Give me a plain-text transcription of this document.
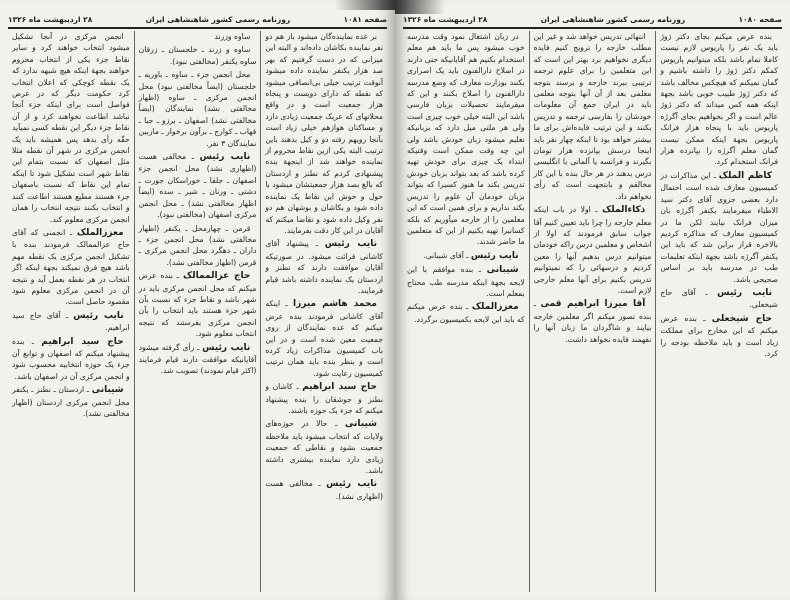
صفحه ۱۰۸۱
روزنامه رسمی کشور شاهنشاهی ایران
۲۸ اردیبهشت ماه ۱۳۲۶

بر عده نماینده‌گان میشود باز هم دو نفر نماینده بکاشان داده‌اند و البته این میزانی که در دست گرفتیم که بهر صد هزار یکنفر نماینده داده میشود آنوقت ترتیب خیلی بی‌انصافی میشود که نقطه که دارای دویست و پنجاه هزار جمعیت است و در واقع محلاتهای که عربک جمعیت زیادی دارد و مساکنان هوازهم خیلی زیاد است بآنجا رویهم رفته دو و کیل بدهند باین ترتیب البته یکی ازین نقاط محروم از نماینده خواهند شد از اینجهة بنده پیشنهادی کردم که نطنز و اردستان که بالغ بصد هزار جمعیتشان میشود با حول و حوش این نقاط یک نماینده داده شود و بکاشان و بوشهان هم دو نفر وکیل داده شود و تقاضا میکنم که آقایان در این کار دقت بفرمایند.

نایب رئیس ـ پیشنهاد آقای کاشانی قرائت میشود. در صورتیکه آقایان موافقت دارند که نطنز و اردستان یک نماینده داشته باشد قیام فرمایند.

محمد هاشم میرزا ـ اینکه آقای کاشانی فرمودند بنده عرض میکنم که عده نمایندگان از روی جمعیت معین شده است و در این باب کمیسیون مذاکرات زیاد کرده است و بنظر بنده باید همان ترتیب کمیسیون رعایت شود.

حاج سید ابراهیم ـ کاشان و نطنز و جوشقان را بنده پیشنهاد میکنم که جزء یک حوزه باشند.

شیبانی ـ حالا در حوزه‌های ولایات که انتخاب میشود باید ملاحظه جمعیت بشود و نقاطی که جمعیت زیادی دارد نماینده بیشتری داشته باشد.

نایب رئیس ـ مخالفی هست (اظهاری نشد).

ساوه وزرند

ساوه و زرند ـ خلجستان ـ زرقان ساوه یکنفر (مخالفتی نبود).

محل انجمن جزء ـ ساوه ـ باوریه ـ خلجستان (ایضاً مخالفتی نبود) محل انجمن مرکزی ـ ساوه (اظهار مخالفتی نشد) نمایندگان (ایضاً مخالفتی نشد) اصفهان ـ برزو ـ جبا ـ قهاب ـ کوارج ـ برآون برخوار ـ ماربین نمایندگان ۳ نفر.

نایب رئیس ـ مخالفی هست (اظهاری نشد) محل انجمن جزء اصفهان ـ جلفا ـ خوراسکان جورت ـ دشتی ـ ورنان ـ شیر ـ سده (ایضاً اظهار مخالفتی نشد) ـ محل انجمن مرکزی اصفهان (مخالفتی نبود).

قرمن ـ چهارمحل ـ یکنفر (اظهار مخالفتی نشد) محل انجمن جزء ـ داران ـ دهگرد محل انجمن مرکزی ـ قرمن (اظهار مخالفتی نشد).

حاج عزالممالک ـ بنده عرض میکنم که محل انجمن مرکزی باید در شهر باشد و نقاط جزء که نسبت بآن شهر جزء هستند باید انتخاب را بآن انجمن مرکزی بفرستند که نتیجه انتخاب معلوم شود.

نایب رئیس ـ رأی گرفته میشود آقایانیکه موافقت دارند قیام فرمایند (اکثر قیام نمودند) تصویب شد.

انجمن مرکزی در آنجا تشکیل میشود انتخاب خواهند کرد و سایر نقاط جزء یکی از انتخاب محروم خواهند بجهة اینکه هیچ شبهه ندارد که یک نقطه کوچکی که اعلان انتخاب کرد حکومت دیگر که در عرض فواصل است برای اینکه جزء آنجا نباشد اطاعت نخواهند کرد و از آن نقاط جزء دیگر این نقطه کسی نمیآید حقّه رأی بدهد پس همیشه باید یک انجمن مرکزی در شهر آن نقطه مثلا مثل اصفهان که نسبت بتمام این نقاط شهر است تشکیل شود تا اینکه تمام این نقاط که نسبت باصفهان جزء هستند مطیع هستند اطاعت کنند و انتخاب بکنند نتیجه انتخاب را همان انجمن مرکزی معلوم کند.

معززالملک ـ انجمنی که آقای حاج عزالممالک فرمودند بنده با تشکیل انجمن مرکزی یک نقطه مهم باشد هیچ فرق نمیکند بجهة اینکه اگر انتخاب در هر نقطه بعمل آید و نتیجه آن در انجمن مرکزی معلوم شود مقصود حاصل است.

نایب رئیس ـ آقای حاج سید ابراهیم.

حاج سید ابراهیم ـ بنده پیشنهاد میکنم که اصفهان و توابع آن جزء یک حوزه انتخابیه محسوب شود و انجمن مرکزی آن در اصفهان باشد.

شیبانی ـ اردستان ـ نطنز ـ یکنفر محل انجمن مرکزی اردستان (اظهار مخالفتی نشد).

صفحه ۱۰۸۰
روزنامه رسمی کشور شاهنشاهی ایران
۲۸ اردیبهشت ماه ۱۳۲۶

بنده عرض میکنم بجای دکتر ژوژ باید یک نفر را پاریوس لازم نیست کاملا تمام باشد بلکه میتوانیم پاریوس کمکم دکتر ژوژ را داشته باشیم و گمان نمیکنم که هیچکس مخالف باشد که دکتر ژوژ طبیب خوبی باشد بجهة اینکه همه کس میداند که دکتر ژوژ عالم است و اگر بخواهیم بجای آگرژه پاریوس باید با پنجاه هزار فرانک پاریوس بجهة اینکه ممکن نیست گمان معلم آگرژه را بپانزده هزار فرانک استخدام کرد.

کاظم الملک ـ این مذاکرات در کمیسیون معارف شده است احتمال دارد بعضی جزوی آقای دکتر سید الاطباء میفرمایند یکنفر آگرژه بان میزان فرانک نیایند لکن ما در کمیسیون معارف که مذاکره کردیم بالاخره قرار براین شد که باید این یکنفر آگرژه باشد بجهة اینکه تعلیمات طب در مدرسه باید بر اساس صحیحی باشد.

نایب رئیس ـ آقای حاج شیخعلی.

حاج شیخعلی ـ بنده عرض میکنم که این مخارج برای مملکت زیاد است و باید ملاحظه بودجه را کرد.

انتهائی تدریس خواهد شد و غیر این مطلب خارجه را ترویج کنیم فایده دیگری نخواهیم برد بهتر این است که این متعلمین را برای علوم ترجمه ترتیبی ببرند خارجه و برسند بتوجه معلمی بعد از آن آنها بتوجه معلمی باید در ایران جمع آن معلومات خودشان را بفارسی ترجمه و تدریس بکنند و این ترتیب فایده‌اش برای ما بیشتر خواهد بود تا اینکه چهار نفر باید اینجا درسش بپانزده هزار تومان بگیرند و فرانسه یا آلمانی یا انگلیسی درس بدهند در هر حال بنده با این کار مخالفم و بابتجهت است که رأی نخواهم داد.

ذکاءالملک ـ اولا در باب اینکه معلم خارجه را چرا باید تعیین کنیم آقا جواب سابق فرمودند که اولا از اشخاص و معلمین درس راکه خودمان میتوانیم درس بدهیم آنها را معین کردیم و درسهائی را که نمیتوانیم تدریس بکنیم برای آنها معلم خارجی لازم است.

آقا میرزا ابراهیم قمی ـ بنده تصور میکنم اگر معلمین خارجه بیایند و شاگردان ما زبان آنها را نفهمند فایده نخواهد داشت.

در زبان اشتغال نمود وقت مدرسه خوب میشود پس ما باید هم معلم استخدام بکنیم هم آقایانیکه حتی دارند در اصلاح دارالفنون باید یک اصراری بکنند بوزارت معارف که وضع مدرسه دارالفنون را اصلاح بکنند و این که میفرمایند تحصیلات بزبان فارسی باشد این البته خیلی خوب چیزی است ولی هر ملتی میل دارد که بزبانیکه تعلیم میشود زبان خودش باشد ولی این چه وقت ممکن است وقتیکه ابتداء یک چیزی برای خودش تهیه کرده باشد که بعد بتواند بزبان خودش تدریس بکند ما هنوز کسیرا که بتواند بزبان خودمان آن علوم را تدریس بکند نداریم و برای همین است که این معلمین را از خارجه میآوریم که بلکه کسانیرا تهیه بکنیم از این که متعلمین ما حاضر شدند.

نایب رئیس ـ آقای شیبانی.

شیبانی ـ بنده موافقم با این لایحه بجهة اینکه مدرسه طب محتاج بمعلم است.

معززالملک ـ بنده عرض میکنم که باید این لایحه بکمیسیون برگردد.
